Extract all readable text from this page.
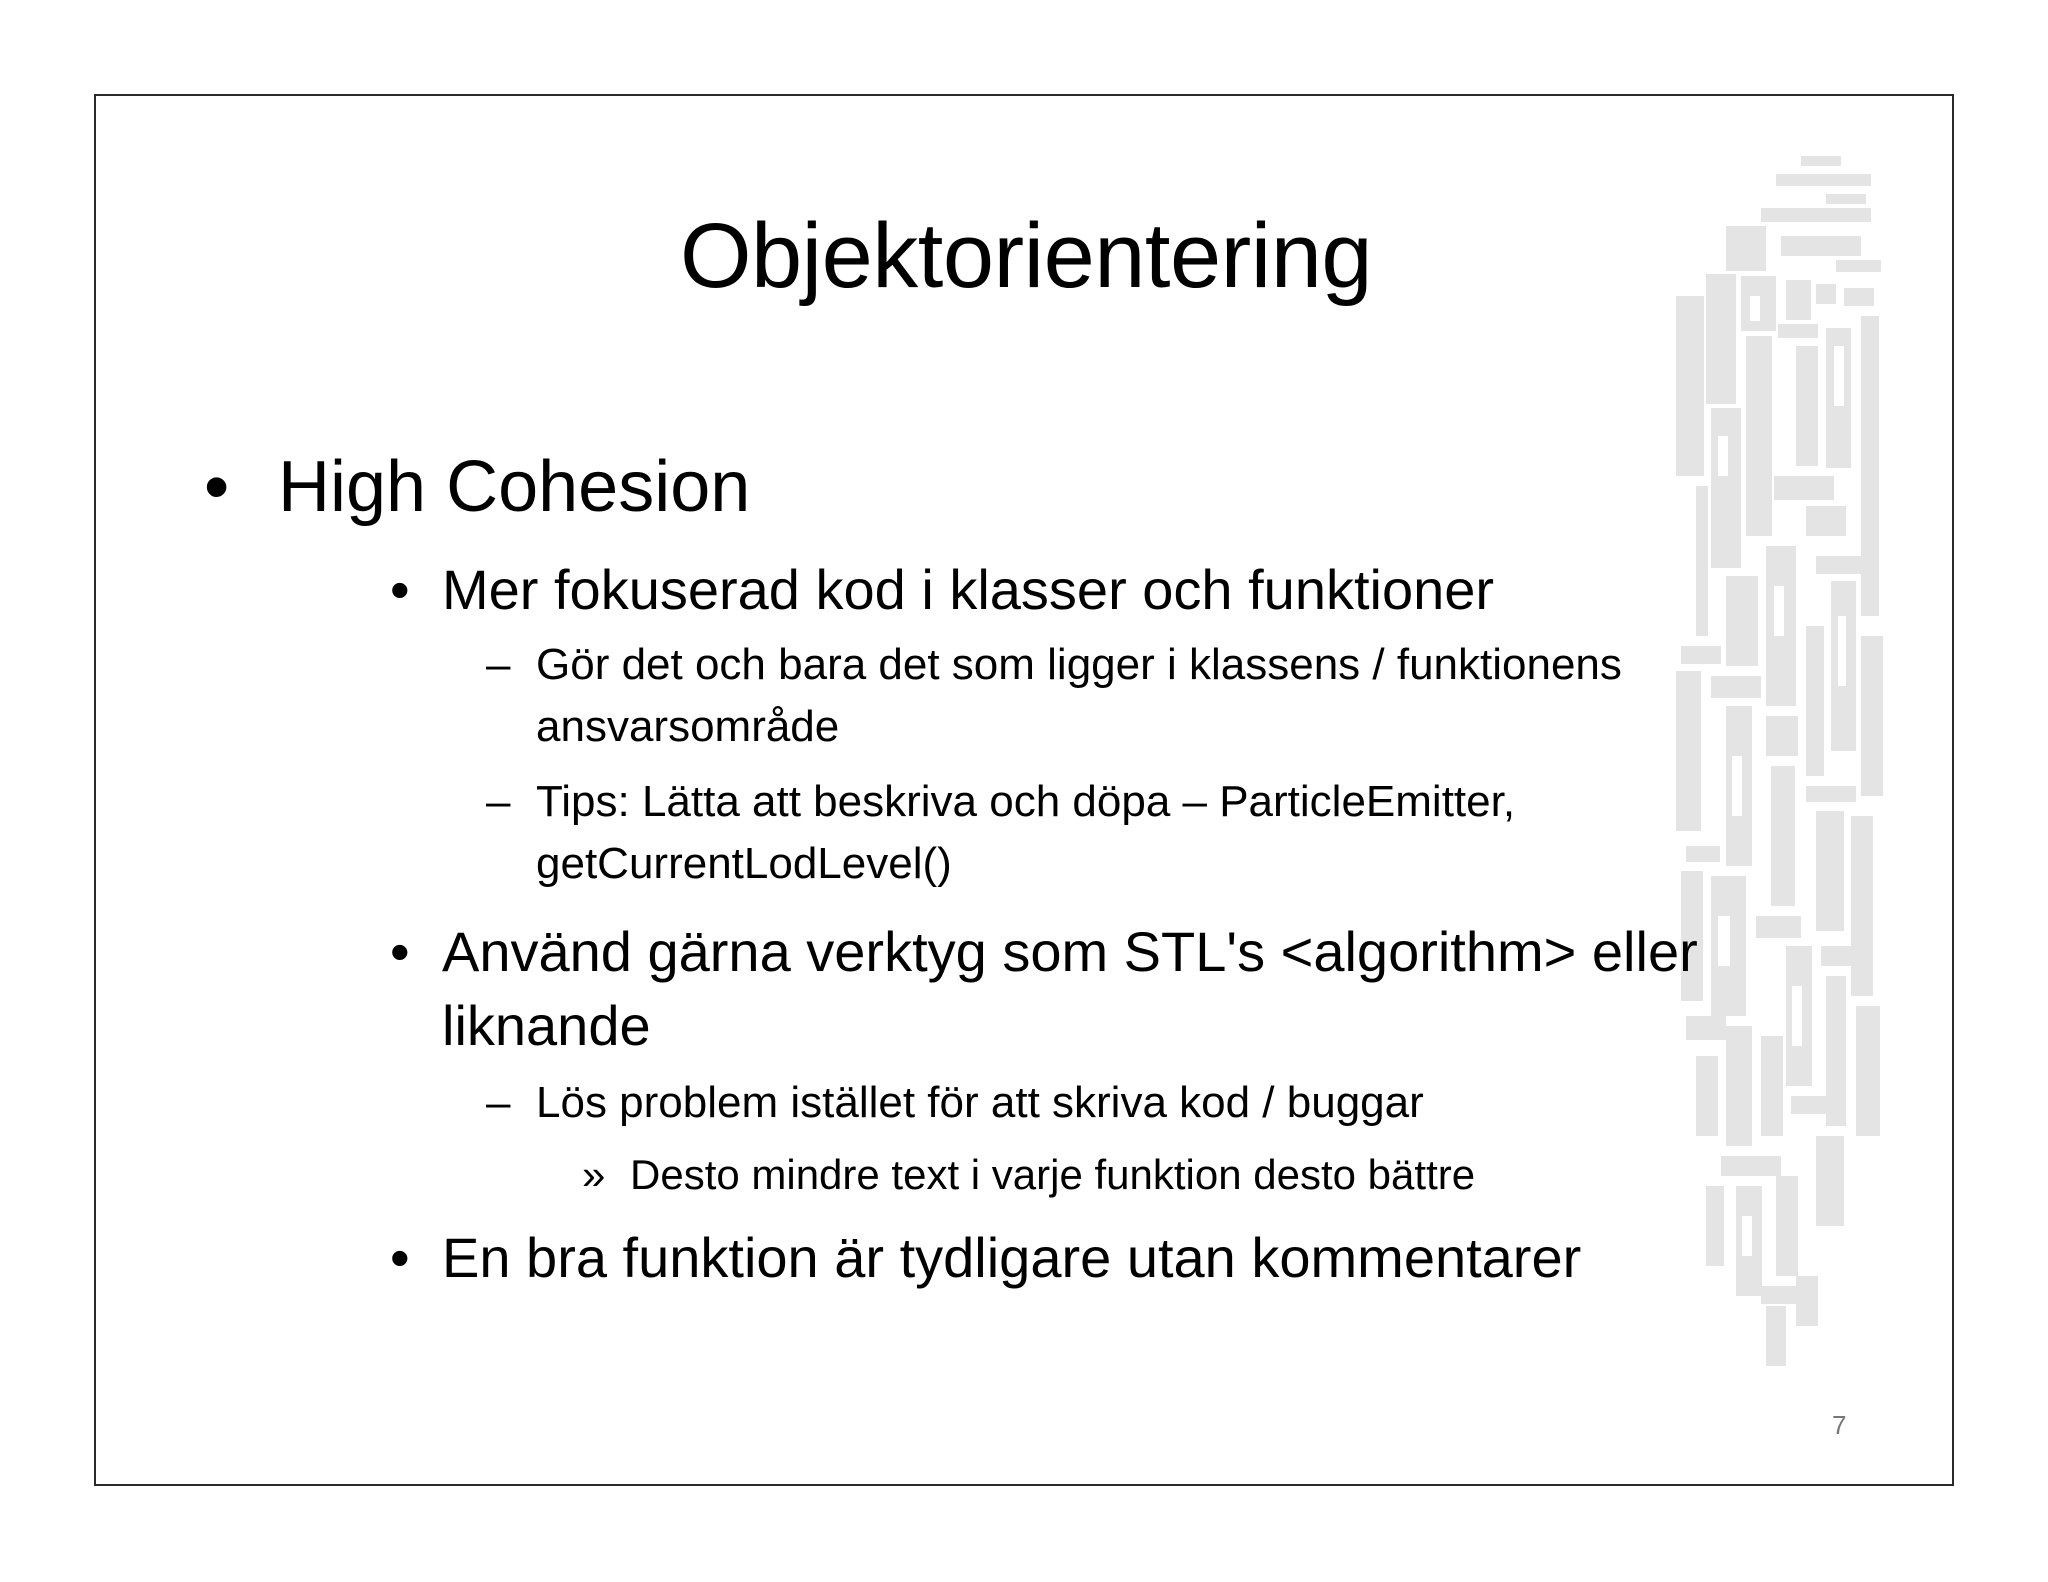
Objektorientering
• High Cohesion
• Mer fokuserad kod i klasser och funktioner
– Gör det och bara det som ligger i klassens / funktionens
ansvarsområde
– Tips: Lätta att beskriva och döpa – ParticleEmitter,
getCurrentLodLevel()
• Använd gärna verktyg som STL's <algorithm> eller
liknande
– Lös problem istället för att skriva kod / buggar
» Desto mindre text i varje funktion desto bättre
• En bra funktion är tydligare utan kommentarer
7
